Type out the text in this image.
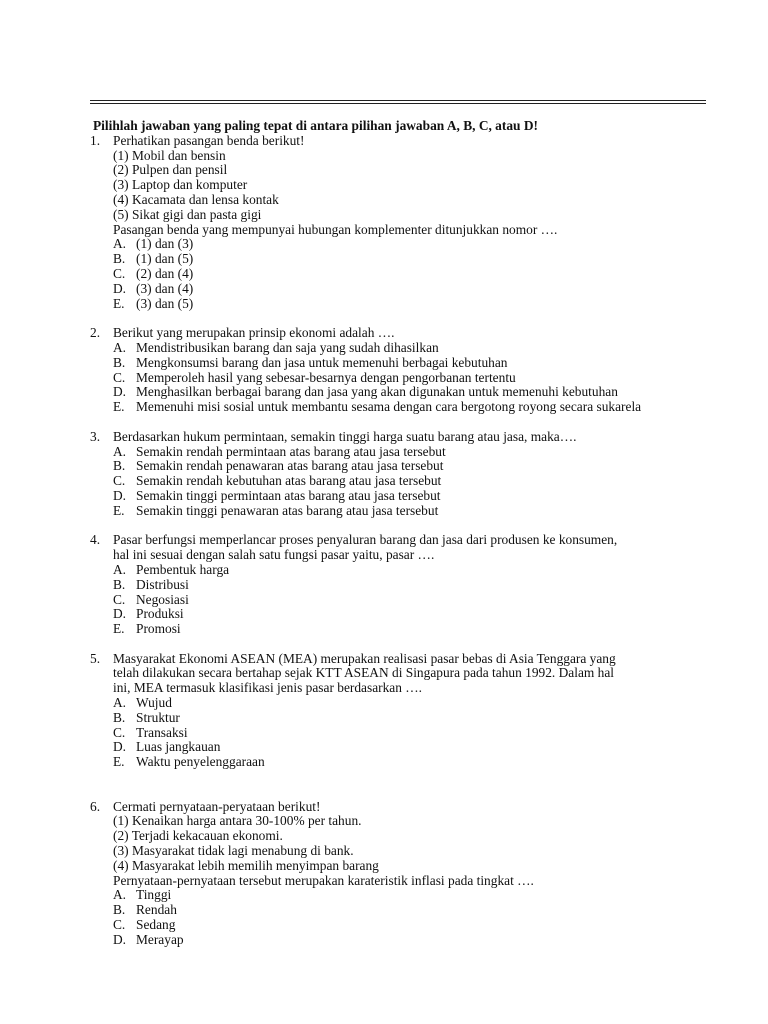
Pilihlah jawaban yang paling tepat di antara pilihan jawaban A, B, C, atau D!
1. Perhatikan pasangan benda berikut!
(1) Mobil dan bensin
(2) Pulpen dan pensil
(3) Laptop dan komputer
(4) Kacamata dan lensa kontak
(5) Sikat gigi dan pasta gigi
Pasangan benda yang mempunyai hubungan komplementer ditunjukkan nomor ….
A. (1) dan (3)
B. (1) dan (5)
C. (2) dan (4)
D. (3) dan (4)
E. (3) dan (5)
2. Berikut yang merupakan prinsip ekonomi adalah ….
A. Mendistribusikan barang dan saja yang sudah dihasilkan
B. Mengkonsumsi barang dan jasa untuk memenuhi berbagai kebutuhan
C. Memperoleh hasil yang sebesar-besarnya dengan pengorbanan tertentu
D. Menghasilkan berbagai barang dan jasa yang akan digunakan untuk memenuhi kebutuhan
E. Memenuhi misi sosial untuk membantu sesama dengan cara bergotong royong secara sukarela
3. Berdasarkan hukum permintaan, semakin tinggi harga suatu barang atau jasa, maka….
A. Semakin rendah permintaan atas barang atau jasa tersebut
B. Semakin rendah penawaran atas barang atau jasa tersebut
C. Semakin rendah kebutuhan atas barang atau jasa tersebut
D. Semakin tinggi permintaan atas barang atau jasa tersebut
E. Semakin tinggi penawaran atas barang atau jasa tersebut
4. Pasar berfungsi memperlancar proses penyaluran barang dan jasa dari produsen ke konsumen,
hal ini sesuai dengan salah satu fungsi pasar yaitu, pasar ….
A. Pembentuk harga
B. Distribusi
C. Negosiasi
D. Produksi
E. Promosi
5. Masyarakat Ekonomi ASEAN (MEA) merupakan realisasi pasar bebas di Asia Tenggara yang
telah dilakukan secara bertahap sejak KTT ASEAN di Singapura pada tahun 1992. Dalam hal
ini, MEA termasuk klasifikasi jenis pasar berdasarkan ….
A. Wujud
B. Struktur
C. Transaksi
D. Luas jangkauan
E. Waktu penyelenggaraan
6. Cermati pernyataan-peryataan berikut!
(1) Kenaikan harga antara 30-100% per tahun.
(2) Terjadi kekacauan ekonomi.
(3) Masyarakat tidak lagi menabung di bank.
(4) Masyarakat lebih memilih menyimpan barang
Pernyataan-pernyataan tersebut merupakan karateristik inflasi pada tingkat ….
A. Tinggi
B. Rendah
C. Sedang
D. Merayap
